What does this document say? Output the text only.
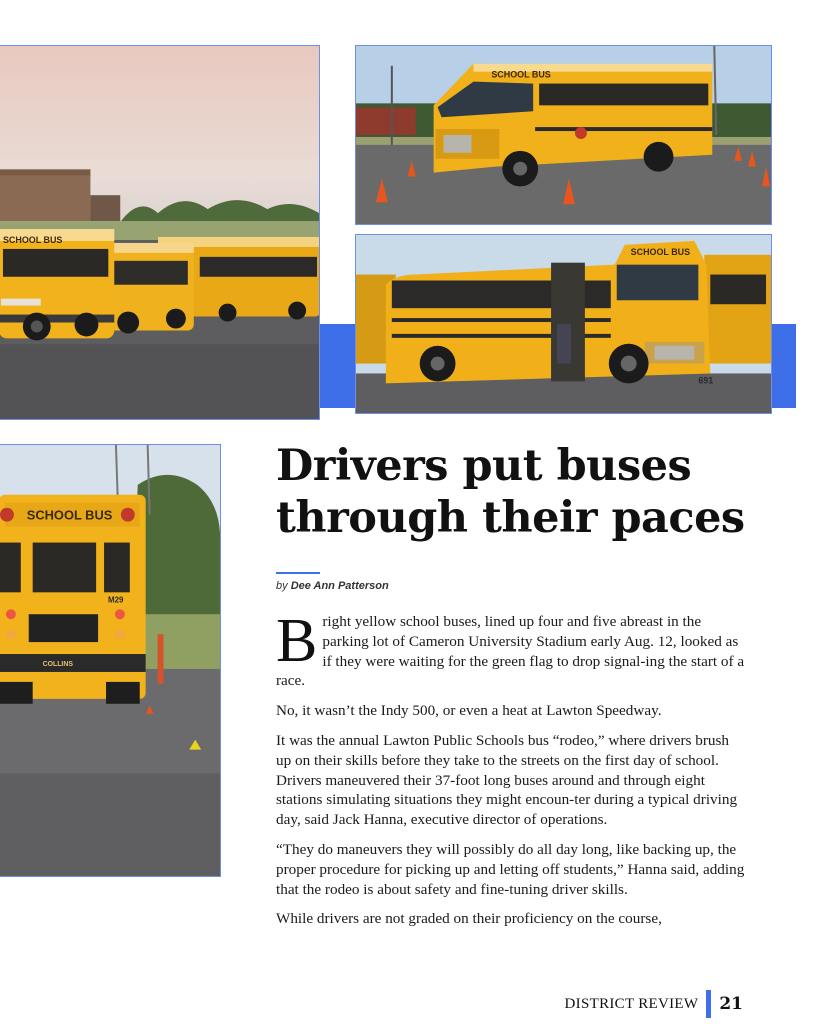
SCHOOL BUS
SCHOOL BUS
SCHOOL BUS
691
SCHOOL BUS
M29
COLLINS
Drivers put buses through their paces
by Dee Ann Patterson

B right yellow school buses, lined up four and five abreast in the parking lot of Cameron University Stadium early Aug. 12, looked as if they were waiting for the green flag to drop signal-ing the start of a race.

No, it wasn’t the Indy 500, or even a heat at Lawton Speedway.

It was the annual Lawton Public Schools bus “rodeo,” where drivers brush up on their skills before they take to the streets on the first day of school. Drivers maneuvered their 37-foot long buses around and through eight stations simulating situations they might encoun-ter during a typical driving day, said Jack Hanna, executive director of operations.

“They do maneuvers they will possibly do all day long, like backing up, the proper procedure for picking up and letting off students,” Hanna said, adding that the rodeo is about safety and fine-tuning driver skills.

While drivers are not graded on their proficiency on the course,

DISTRICT REVIEW 21
